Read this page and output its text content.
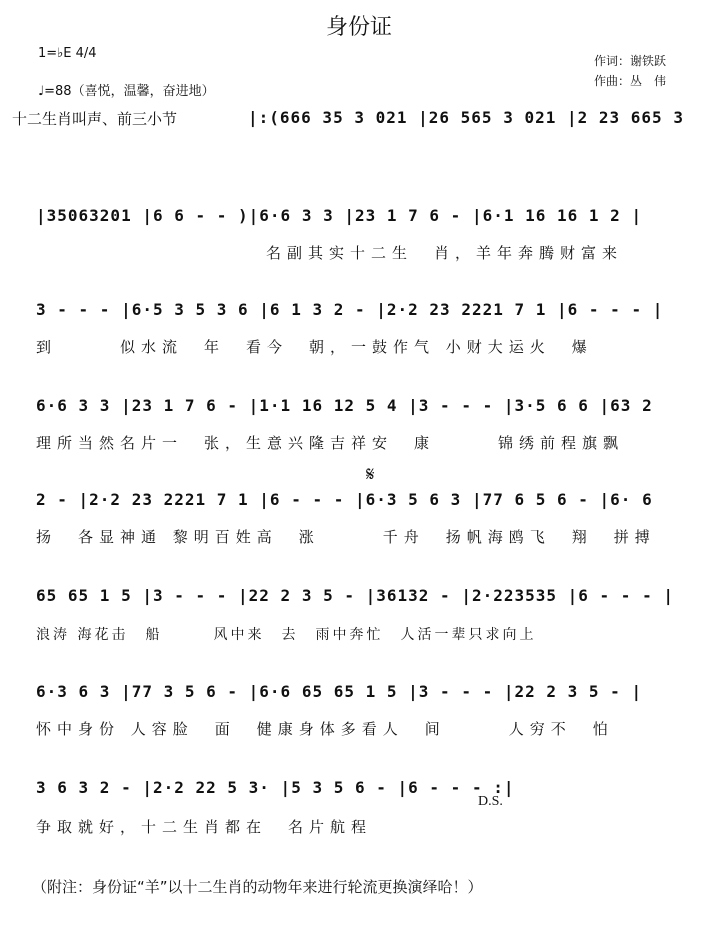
身份证
1=♭E 4/4
♩=88（喜悦，温馨，奋进地）
作词：谢铁跃
作曲：丛　伟
十二生肖叫声、前三小节	|:(666 35 3 021 |26 565 3 021 |2 23 665 3
|35063201 |6 6 - - )|6·6 3 3 |23 1 7 6 - |6·1 16 16 1 2 |
名副其实十二生　肖，羊年奔腾财富来
3 - - - |6·5 3 5 3 6 |6 1 3 2 - |2·2 23 2221 7 1 |6 - - - |
到　　　似水流　年　看今　朝，一鼓作气 小财大运火　爆
6·6 3 3 |23 1 7 6 - |1·1 16 12 5 4 |3 - - - |3·5 6 6 |63 2
理所当然名片一　张，生意兴隆吉祥安　康　　　锦绣前程旗飘
𝄋
2 - |2·2 23 2221 7 1 |6 - - - |6·3 5 6 3 |77 6 5 6 - |6· 6
扬　各显神通 黎明百姓高　涨　　　千舟　扬帆海鸥飞　翔　拼搏
65 65 1 5 |3 - - - |22 2 3 5 - |36132 - |2·223535 |6 - - - |
浪涛 海花击　船　　　风中来　去　雨中奔忙　人活一辈只求向上
6·3 6 3 |77 3 5 6 - |6·6 65 65 1 5 |3 - - - |22 2 3 5 - |
怀中身份 人容脸　面　健康身体多看人　间　　　人穷不　怕
3 6 3 2 - |2·2 22 5 3· |5 3 5 6 - |6 - - - :|
D.S.
争取就好，十二生肖都在　名片航程
（附注：身份证“羊”以十二生肖的动物年来进行轮流更换演绎哈！）
